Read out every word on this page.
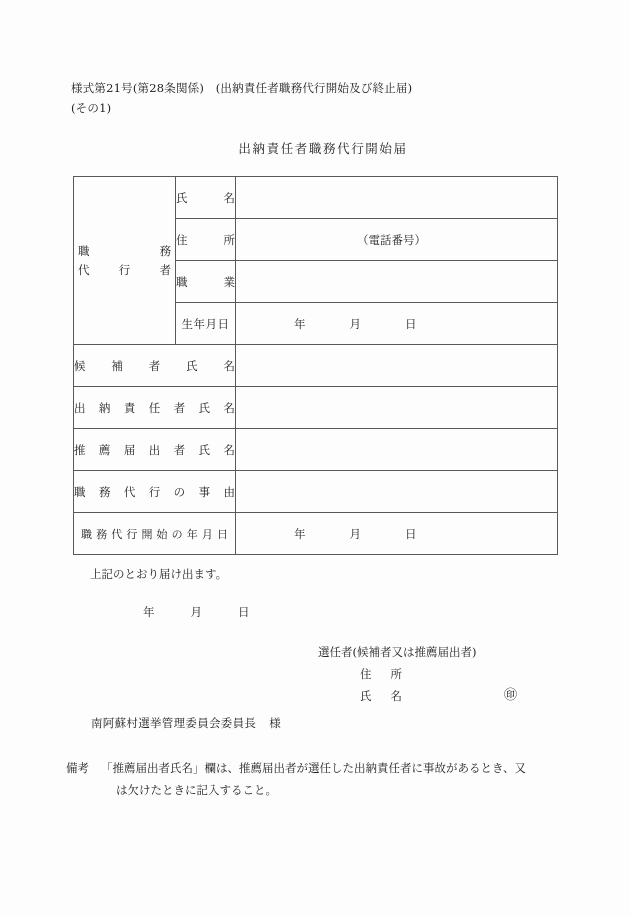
様式第21号(第28条関係)　(出納責任者職務代行開始及び終止届)
(その1)
出納責任者職務代行開始届
職　務
代行者	氏名	
	住所	（電話番号）

	職業	
	生年月日	年 月 日

候補者氏名		
出納責任者氏名		
推薦届出者氏名		
職務代行の事由		
職務代行開始の年月日		年 月 日
上記のとおり届け出ます。
年	月	日
選任者(候補者又は推薦届出者)
住　所
氏　名	㊞
南阿蘇村選挙管理委員会委員長 様
備考 「推薦届出者氏名」欄は、推薦届出者が選任した出納責任者に事故があるとき、又
は欠けたときに記入すること。
